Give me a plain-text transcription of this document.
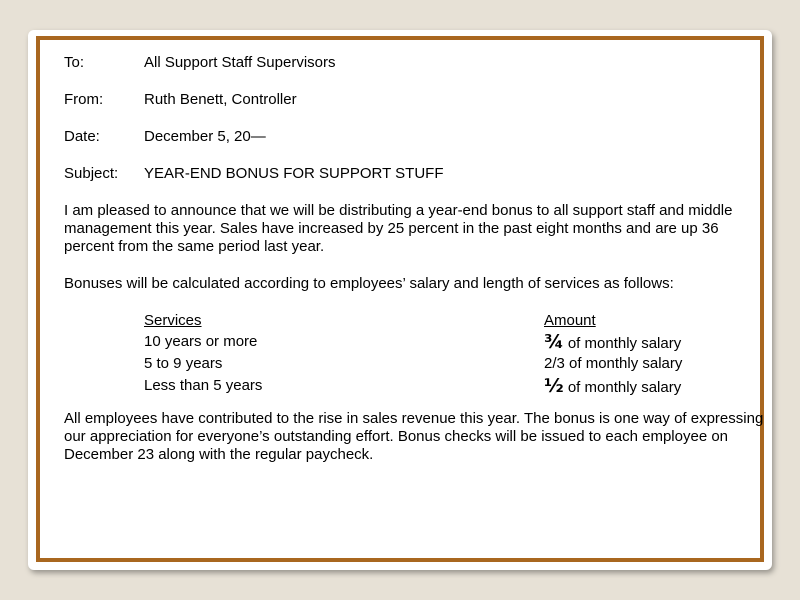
To:	All Support Staff Supervisors
From:	Ruth Benett, Controller
Date:	December 5, 20—
Subject: YEAR-END BONUS FOR SUPPORT STUFF

I am pleased to announce that we will be distributing a year-end bonus to all support staff and middle management this year. Sales have increased by 25 percent in the past eight months and are up 36 percent from the same period last year.

Bonuses will be calculated according to employees’ salary and length of services as follows:

Services	Amount
10 years or more	¾ of monthly salary
5 to 9 years	2/3 of monthly salary
Less than 5 years	½ of monthly salary

All employees have contributed to the rise in sales revenue this year. The bonus is one way of expressing our appreciation for everyone’s outstanding effort. Bonus checks will be issued to each employee on December 23 along with the regular paycheck.
